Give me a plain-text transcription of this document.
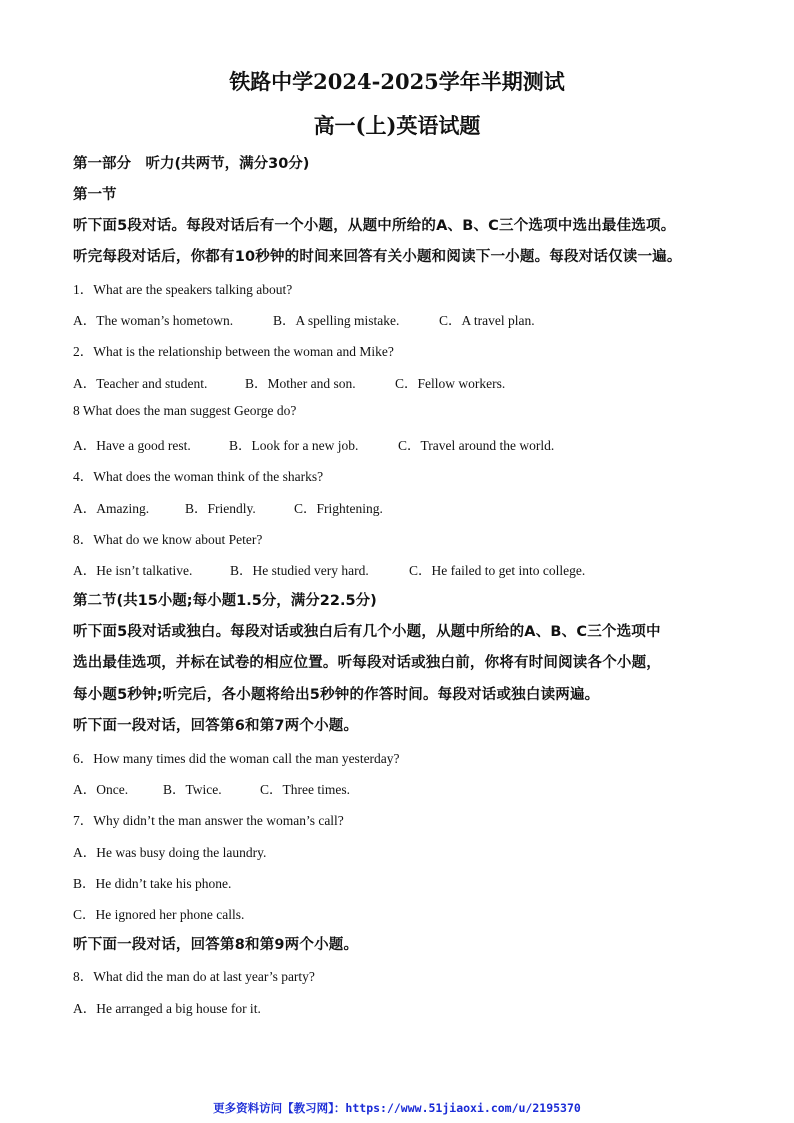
铁路中学2024-2025学年半期测试
高一(上)英语试题
第一部分　听力(共两节，满分30分)
第一节
听下面5段对话。每段对话后有一个小题，从题中所给的A、B、C三个选项中选出最佳选项。
听完每段对话后，你都有10秒钟的时间来回答有关小题和阅读下一小题。每段对话仅读一遍。
1．What are the speakers talking about?
A．The woman’s hometown.	B．A spelling mistake.	C．A travel plan.
2．What is the relationship between the woman and Mike?
A．Teacher and student.	B．Mother and son.	C．Fellow workers.
8 What does the man suggest George do?
A．Have a good rest.	B．Look for a new job.	C．Travel around the world.
4．What does the woman think of the sharks?
A．Amazing.	B．Friendly.	C．Frightening.
8．What do we know about Peter?
A．He isn’t talkative.	B．He studied very hard.	C．He failed to get into college.
第二节(共15小题;每小题1.5分，满分22.5分)
听下面5段对话或独白。每段对话或独白后有几个小题，从题中所给的A、B、C三个选项中
选出最佳选项，并标在试卷的相应位置。听每段对话或独白前，你将有时间阅读各个小题，
每小题5秒钟;听完后，各小题将给出5秒钟的作答时间。每段对话或独白读两遍。
听下面一段对话，回答第6和第7两个小题。
6．How many times did the woman call the man yesterday?
A．Once.	B．Twice.	C．Three times.
7．Why didn’t the man answer the woman’s call?
A．He was busy doing the laundry.
B．He didn’t take his phone.
C．He ignored her phone calls.
听下面一段对话，回答第8和第9两个小题。
8．What did the man do at last year’s party?
A．He arranged a big house for it.
更多资料访问【教习网】：https://www.51jiaoxi.com/u/2195370
